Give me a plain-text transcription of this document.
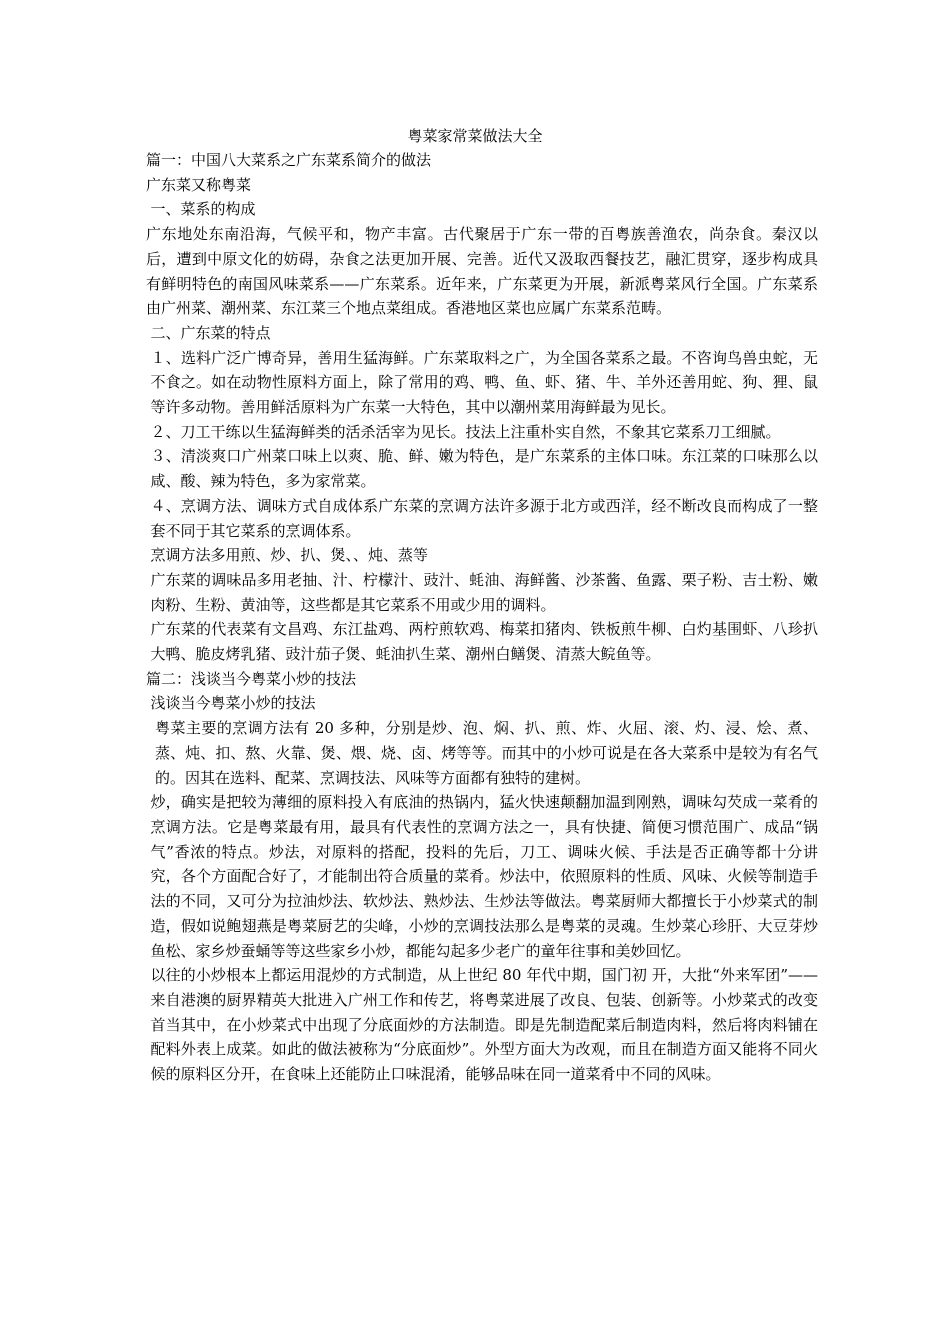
粤菜家常菜做法大全

篇一：中国八大菜系之广东菜系简介的做法

广东菜又称粤菜

一、菜系的构成

广东地处东南沿海，气候平和，物产丰富。古代聚居于广东一带的百粤族善渔农，尚杂食。秦汉以后，遭到中原文化的妨碍，杂食之法更加开展、完善。近代又汲取西餐技艺，融汇贯穿，逐步构成具有鲜明特色的南国风味菜系——广东菜系。近年来，广东菜更为开展，新派粤菜风行全国。广东菜系由广州菜、潮州菜、东江菜三个地点菜组成。香港地区菜也应属广东菜系范畴。

二、广东菜的特点

１、选料广泛广博奇异，善用生猛海鲜。广东菜取料之广，为全国各菜系之最。不咨询鸟兽虫蛇，无不食之。如在动物性原料方面上，除了常用的鸡、鸭、鱼、虾、猪、牛、羊外还善用蛇、狗、狸、鼠等许多动物。善用鲜活原料为广东菜一大特色，其中以潮州菜用海鲜最为见长。

２、刀工干练以生猛海鲜类的活杀活宰为见长。技法上注重朴实自然，不象其它菜系刀工细腻。

３、清淡爽口广州菜口味上以爽、脆、鲜、嫩为特色，是广东菜系的主体口味。东江菜的口味那么以咸、酸、辣为特色，多为家常菜。

４、烹调方法、调味方式自成体系广东菜的烹调方法许多源于北方或西洋，经不断改良而构成了一整套不同于其它菜系的烹调体系。

烹调方法多用煎、炒、扒、煲、、炖、蒸等

广东菜的调味品多用老抽、汁、柠檬汁、豉汁、蚝油、海鲜酱、沙茶酱、鱼露、栗子粉、吉士粉、嫩肉粉、生粉、黄油等，这些都是其它菜系不用或少用的调料。

广东菜的代表菜有文昌鸡、东江盐鸡、两柠煎软鸡、梅菜扣猪肉、铁板煎牛柳、白灼基围虾、八珍扒大鸭、脆皮烤乳猪、豉汁茄子煲、蚝油扒生菜、潮州白鳝煲、清蒸大鲩鱼等。

篇二：浅谈当今粤菜小炒的技法

浅谈当今粤菜小炒的技法

粤菜主要的烹调方法有 20 多种，分别是炒、泡、焖、扒、煎、炸、火屈、滚、灼、浸、烩、煮、蒸、炖、扣、熬、火靠、煲、煨、烧、卤、烤等等。而其中的小炒可说是在各大菜系中是较为有名气的。因其在选料、配菜、烹调技法、风味等方面都有独特的建树。

炒，确实是把较为薄细的原料投入有底油的热锅内，猛火快速颠翻加温到刚熟，调味勾芡成一菜肴的烹调方法。它是粤菜最有用，最具有代表性的烹调方法之一，具有快捷、简便习惯范围广、成品“锅气”香浓的特点。炒法，对原料的搭配，投料的先后，刀工、调味火候、手法是否正确等都十分讲究，各个方面配合好了，才能制出符合质量的菜肴。炒法中，依照原料的性质、风味、火候等制造手法的不同，又可分为拉油炒法、软炒法、熟炒法、生炒法等做法。粤菜厨师大都擅长于小炒菜式的制造，假如说鲍翅燕是粤菜厨艺的尖峰，小炒的烹调技法那么是粤菜的灵魂。生炒菜心珍肝、大豆芽炒鱼松、家乡炒蚕蛹等等这些家乡小炒，都能勾起多少老广的童年往事和美妙回忆。

以往的小炒根本上都运用混炒的方式制造，从上世纪 80 年代中期，国门初 开，大批“外来军团”——来自港澳的厨界精英大批进入广州工作和传艺，将粤菜进展了改良、包装、创新等。小炒菜式的改变首当其中，在小炒菜式中出现了分底面炒的方法制造。即是先制造配菜后制造肉料，然后将肉料铺在配料外表上成菜。如此的做法被称为“分底面炒”。外型方面大为改观，而且在制造方面又能将不同火候的原料区分开，在食味上还能防止口味混淆，能够品味在同一道菜肴中不同的风味。
